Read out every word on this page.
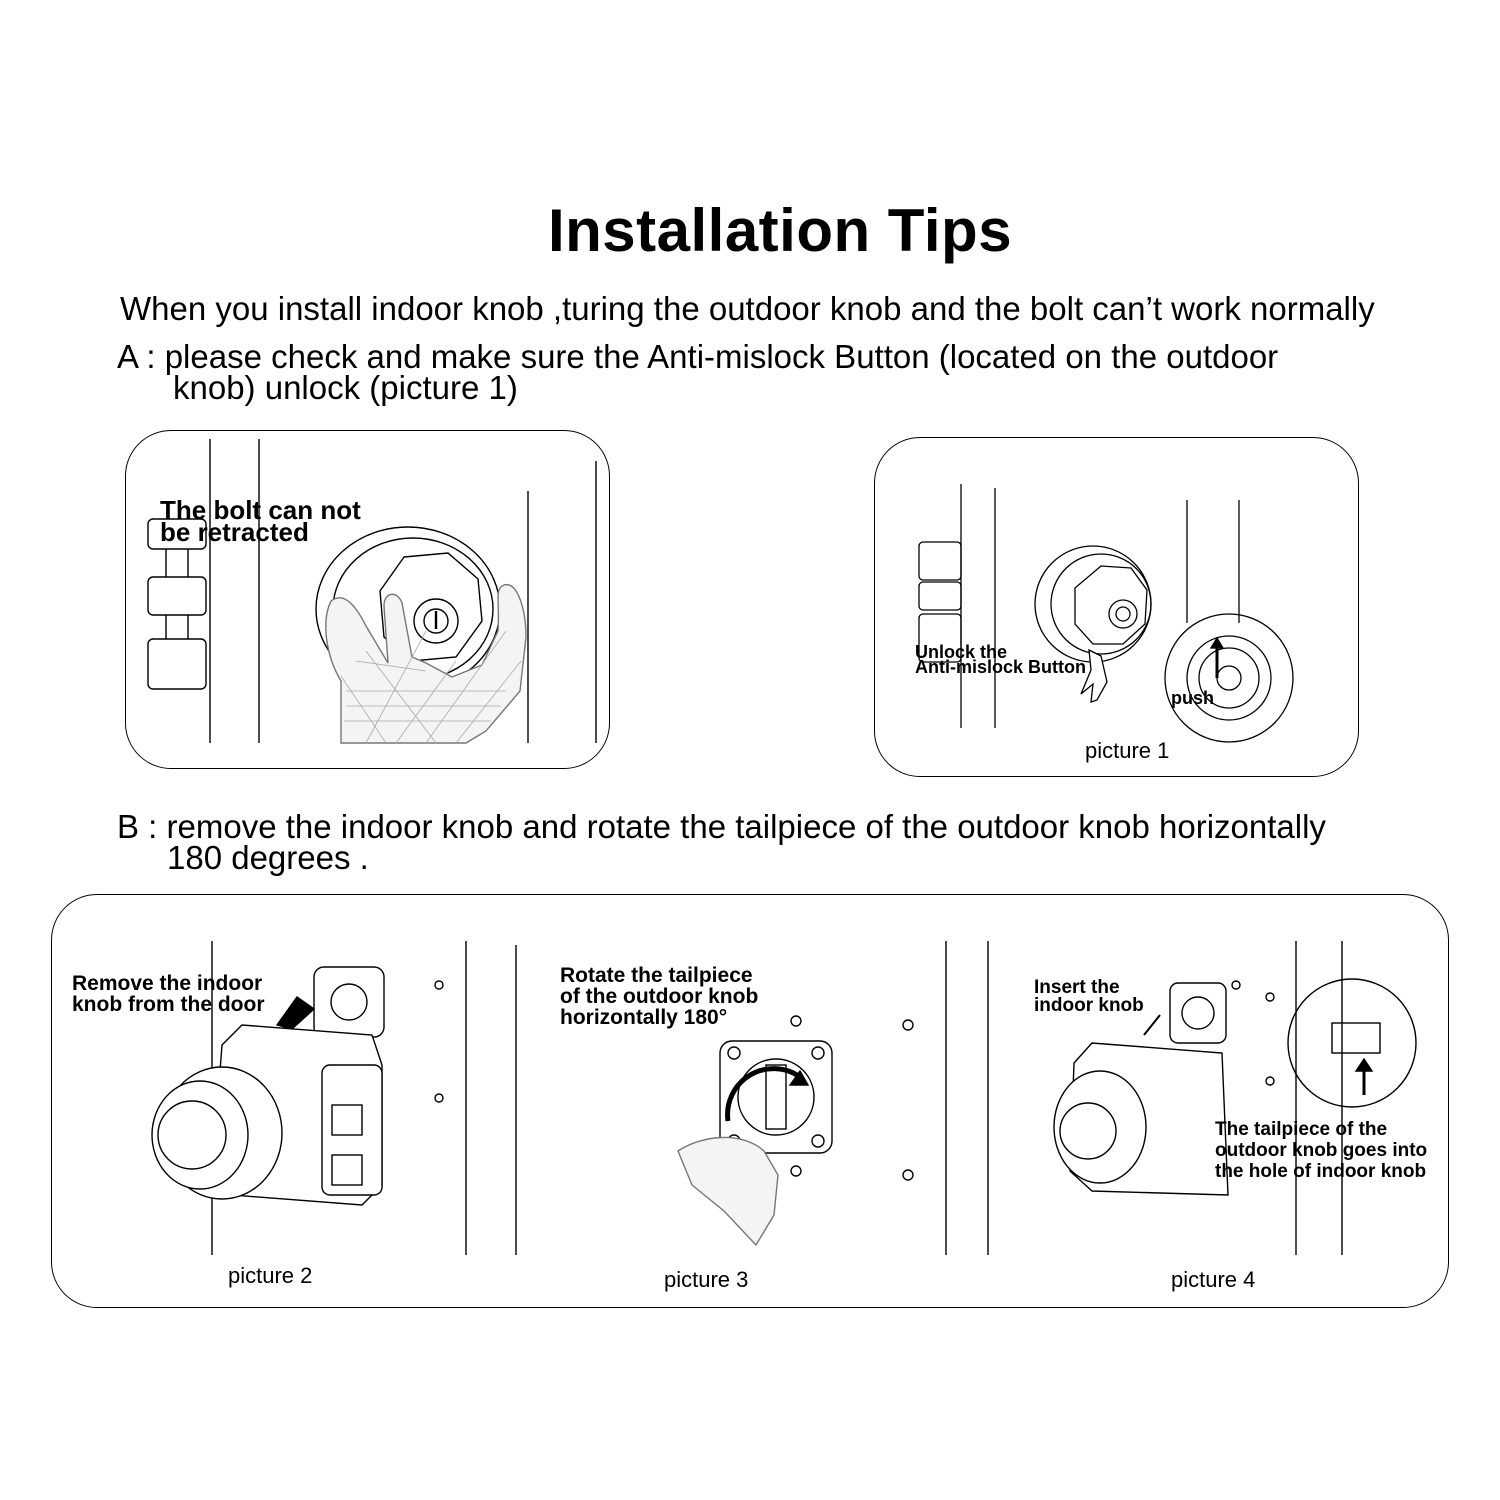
Installation Tips
When you install indoor knob ,turing the outdoor knob and the bolt can’t work normally
A : please check and make sure the Anti-mislock Button (located on the outdoor
knob) unlock (picture 1)
B : remove the indoor knob and rotate the tailpiece of the outdoor knob horizontally
180 degrees .
The bolt can not
be retracted
Unlock the
Anti-mislock Button
push
picture 1
Remove the indoor
knob from the door
picture 2
Rotate the tailpiece
of the outdoor knob
horizontally 180°
picture 3
Insert the
indoor knob
The tailpiece of the
outdoor knob goes into
the hole of indoor knob
picture 4
